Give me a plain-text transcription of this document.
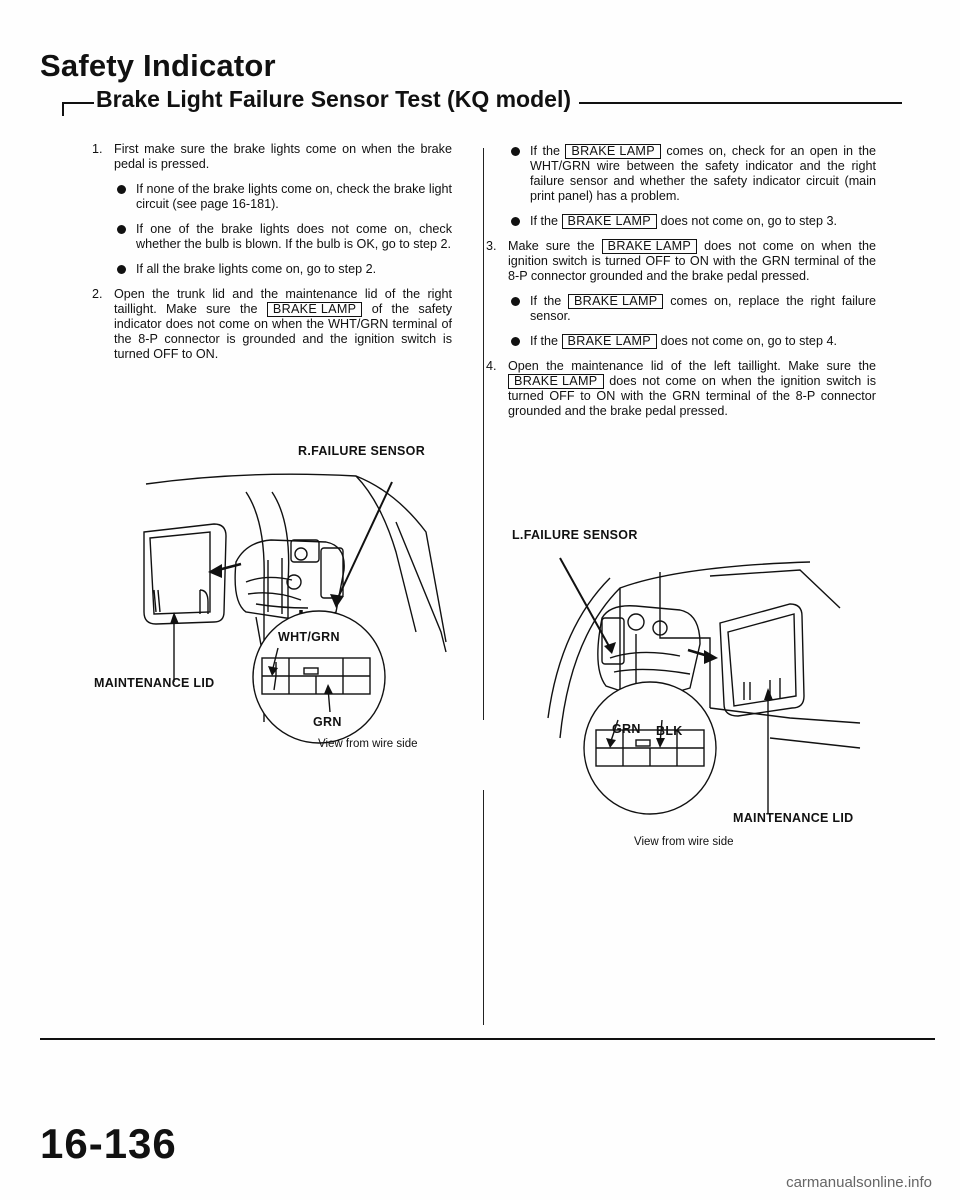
Safety Indicator
Brake Light Failure Sensor Test (KQ model)
1. First make sure the brake lights come on when the brake pedal is pressed.
If none of the brake lights come on, check the brake light circuit (see page 16-181).
If one of the brake lights does not come on, check whether the bulb is blown. If the bulb is OK, go to step 2.
If all the brake lights come on, go to step 2.
2. Open the trunk lid and the maintenance lid of the right taillight. Make sure the BRAKE LAMP of the safety indicator does not come on when the WHT/GRN terminal of the 8-P connector is grounded and the ignition switch is turned OFF to ON.
If the BRAKE LAMP comes on, check for an open in the WHT/GRN wire between the safety indicator and the right failure sensor and whether the safety indicator circuit (main print panel) has a problem.
If the BRAKE LAMP does not come on, go to step 3.
3. Make sure the BRAKE LAMP does not come on when the ignition switch is turned OFF to ON with the GRN terminal of the 8-P connector grounded and the brake pedal pressed.
If the BRAKE LAMP comes on, replace the right failure sensor.
If the BRAKE LAMP does not come on, go to step 4.
4. Open the maintenance lid of the left taillight. Make sure the BRAKE LAMP does not come on when the ignition switch is turned OFF to ON with the GRN terminal of the 8-P connector grounded and the brake pedal pressed.
R.FAILURE SENSOR
WHT/GRN
GRN
MAINTENANCE LID
View from wire side
L.FAILURE SENSOR
GRN BLK
MAINTENANCE LID
View from wire side
16-136
carmanualsonline.info
